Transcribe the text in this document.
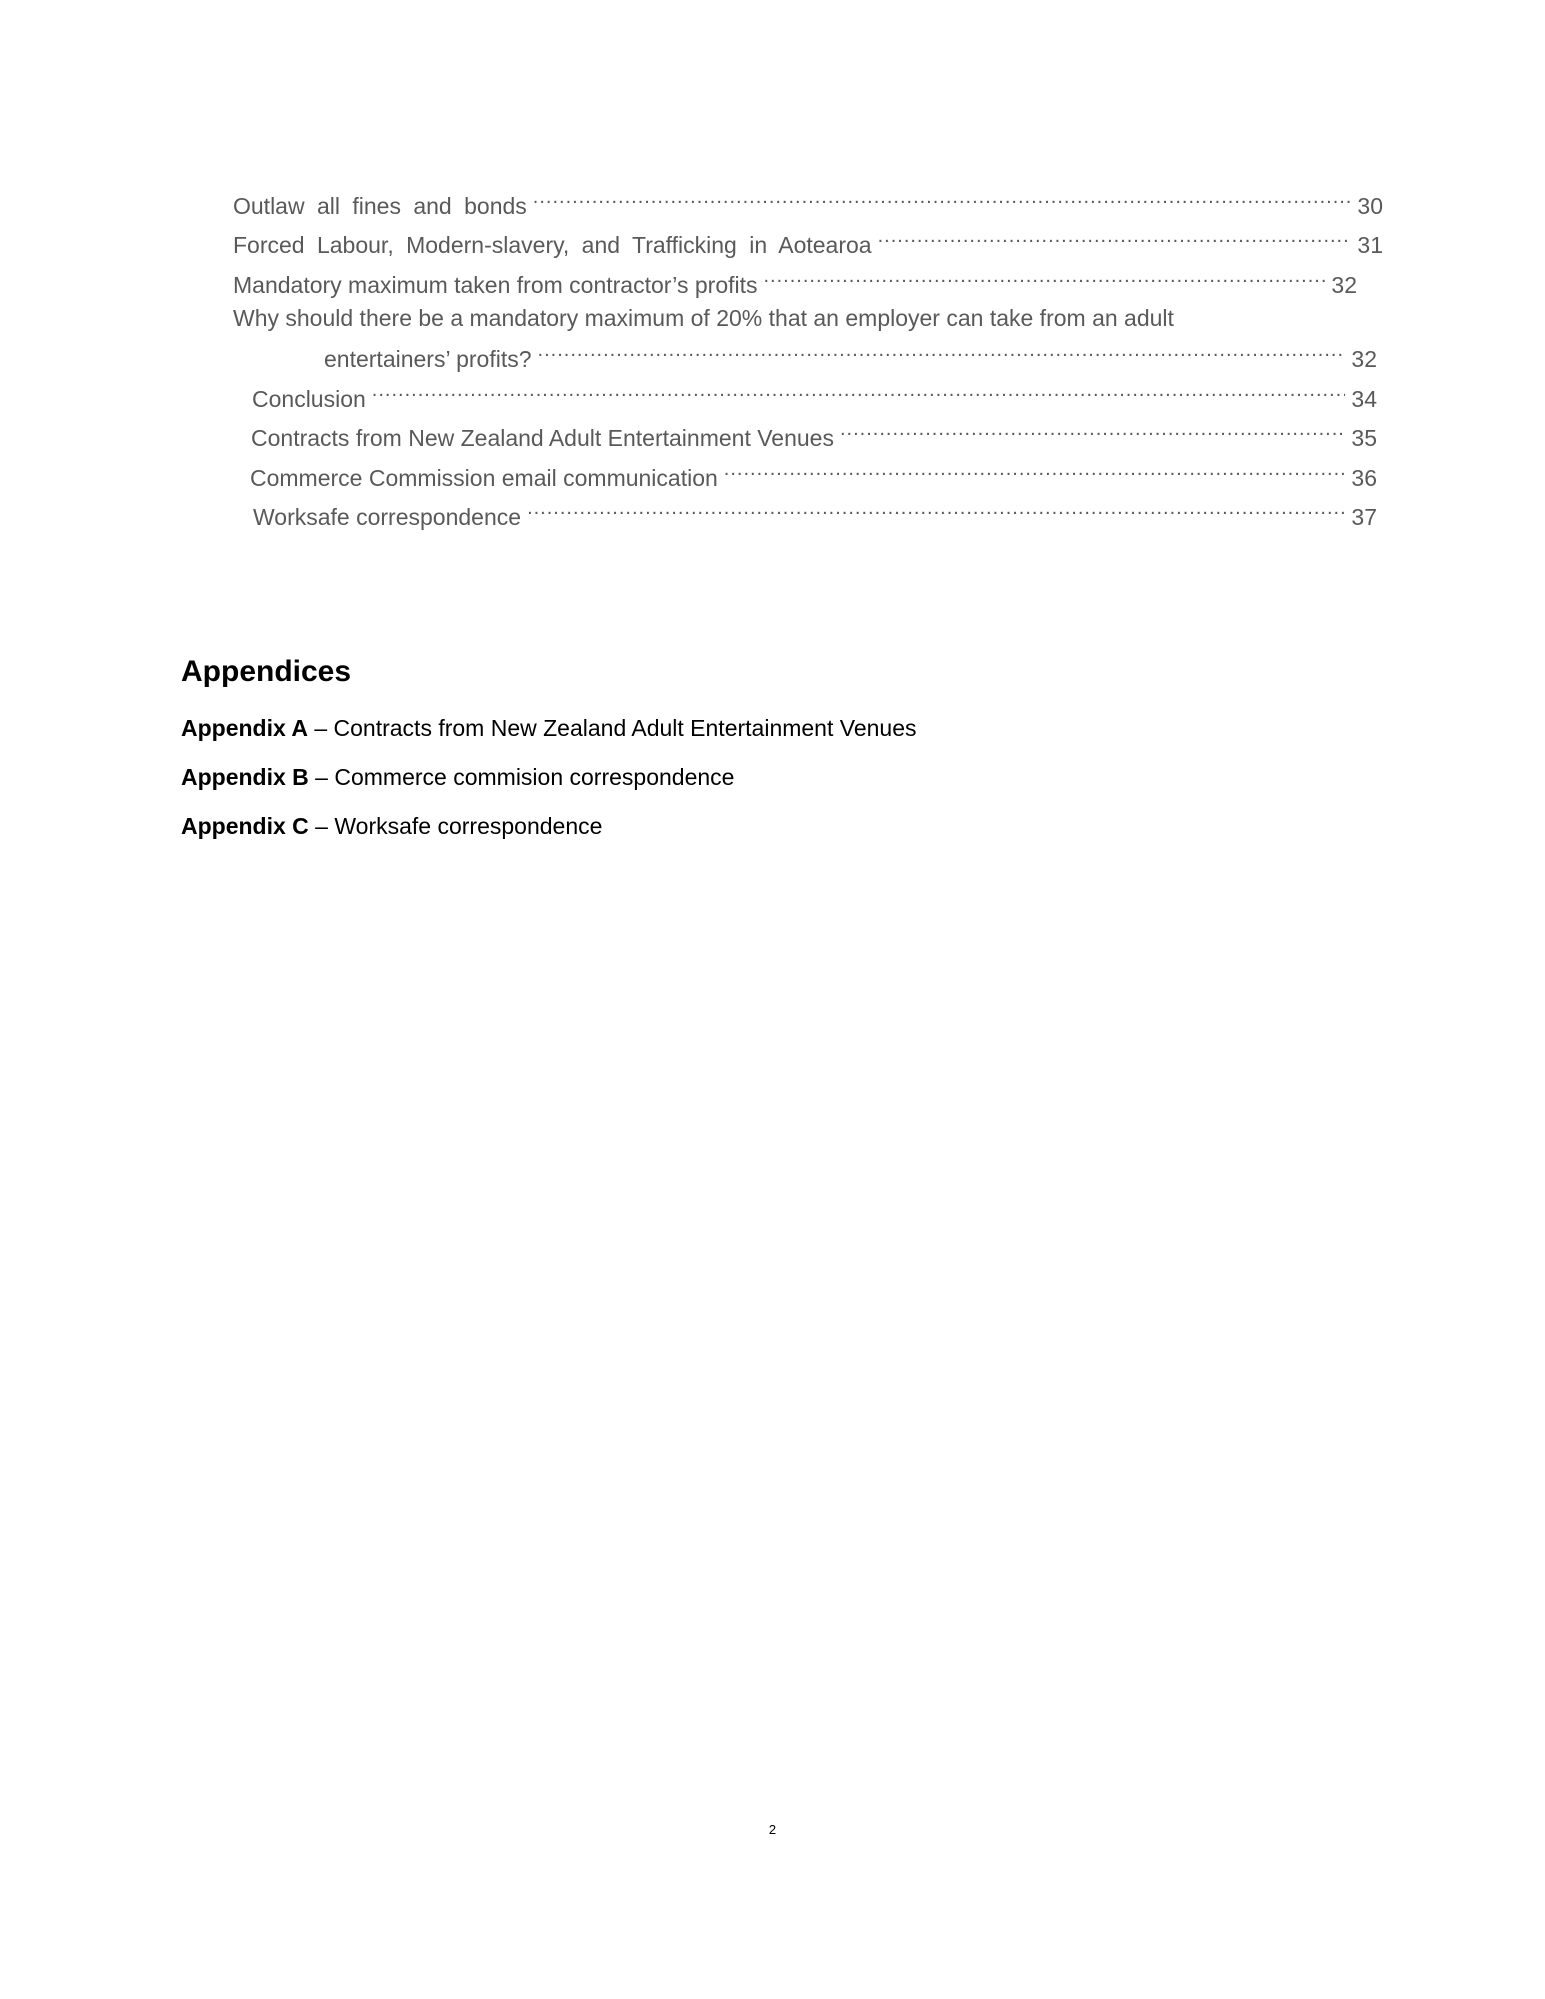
Outlaw all fines and bonds .....	30
Forced Labour, Modern-slavery, and Trafficking in Aotearoa .....	31
Mandatory maximum taken from contractor’s profits .....	32
Why should there be a mandatory maximum of 20% that an employer can take from an adult
entertainers’ profits? .....	32
Conclusion .....	34
Contracts from New Zealand Adult Entertainment Venues .....	35
Commerce Commission email communication .....	36
Worksafe correspondence .....	37
Appendices
Appendix A – Contracts from New Zealand Adult Entertainment Venues
Appendix B – Commerce commision correspondence
Appendix C – Worksafe correspondence
2
